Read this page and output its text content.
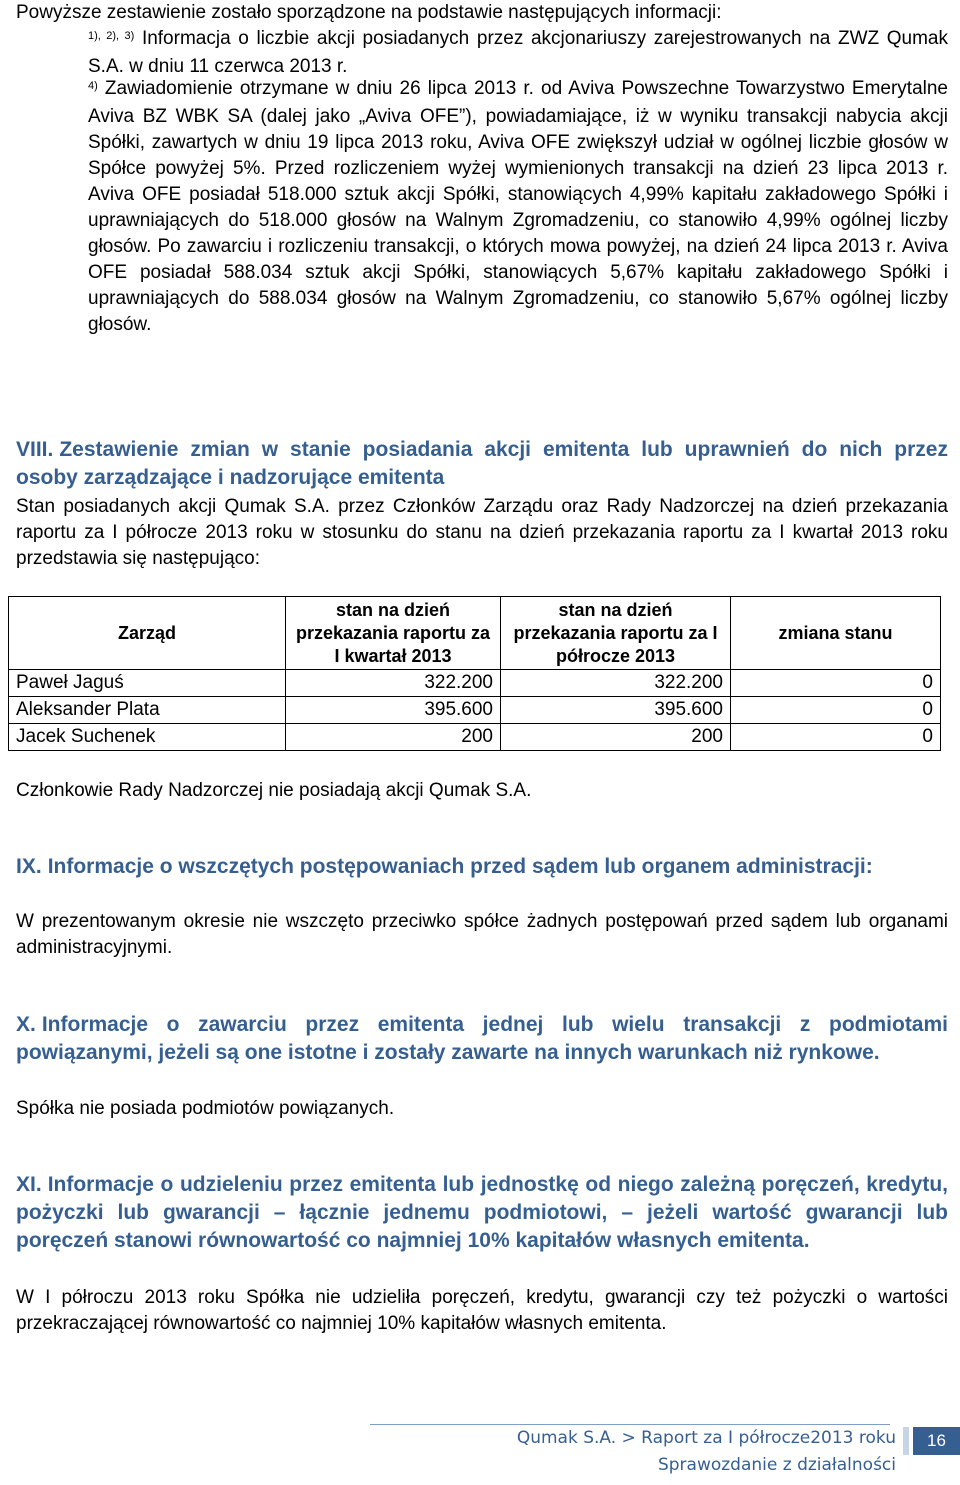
Powyższe zestawienie zostało sporządzone na podstawie następujących informacji:
$^{1), 2), 3)}$ Informacja o liczbie akcji posiadanych przez akcjonariuszy zarejestrowanych na ZWZ Qumak S.A. w dniu 11 czerwca 2013 r.
$^{4)}$ Zawiadomienie otrzymane w dniu 26 lipca 2013 r. od Aviva Powszechne Towarzystwo Emerytalne Aviva BZ WBK SA (dalej jako „Aviva OFE”), powiadamiające, iż w wyniku transakcji nabycia akcji Spółki, zawartych w dniu 19 lipca 2013 roku, Aviva OFE zwiększył udział w ogólnej liczbie głosów w Spółce powyżej 5%. Przed rozliczeniem wyżej wymienionych transakcji na dzień 23 lipca 2013 r. Aviva OFE posiadał 518.000 sztuk akcji Spółki, stanowiących 4,99% kapitału zakładowego Spółki i uprawniających do 518.000 głosów na Walnym Zgromadzeniu, co stanowiło 4,99% ogólnej liczby głosów. Po zawarciu i rozliczeniu transakcji, o których mowa powyżej, na dzień 24 lipca 2013 r. Aviva OFE posiadał 588.034 sztuk akcji Spółki, stanowiących 5,67% kapitału zakładowego Spółki i uprawniających do 588.034 głosów na Walnym Zgromadzeniu, co stanowiło 5,67% ogólnej liczby głosów.
VIII. Zestawienie zmian w stanie posiadania akcji emitenta lub uprawnień do nich przez osoby zarządzające i nadzorujące emitenta

Stan posiadanych akcji Qumak S.A. przez Członków Zarządu oraz Rady Nadzorczej na dzień przekazania raportu za I półrocze 2013 roku w stosunku do stanu na dzień przekazania raportu za I kwartał 2013 roku przedstawia się następująco:

Zarząd	stan na dzień przekazania raportu za I kwartał 2013	stan na dzień przekazania raportu za I półrocze 2013	zmiana stanu
Paweł Jaguś	322.200	322.200	0
Aleksander Plata	395.600	395.600	0
Jacek Suchenek	200	200	0

Członkowie Rady Nadzorczej nie posiadają akcji Qumak S.A.

IX. Informacje o wszczętych postępowaniach przed sądem lub organem administracji:

W prezentowanym okresie nie wszczęto przeciwko spółce żadnych postępowań przed sądem lub organami administracyjnymi.

X. Informacje o zawarciu przez emitenta jednej lub wielu transakcji z podmiotami powiązanymi, jeżeli są one istotne i zostały zawarte na innych warunkach niż rynkowe.

Spółka nie posiada podmiotów powiązanych.

XI. Informacje o udzieleniu przez emitenta lub jednostkę od niego zależną poręczeń, kredytu, pożyczki lub gwarancji – łącznie jednemu podmiotowi, – jeżeli wartość gwarancji lub poręczeń stanowi równowartość co najmniej 10% kapitałów własnych emitenta.

W I półroczu 2013 roku Spółka nie udzieliła poręczeń, kredytu, gwarancji czy też pożyczki o wartości przekraczającej równowartość co najmniej 10% kapitałów własnych emitenta.

Qumak S.A. > Raport za I półrocze2013 roku
Sprawozdanie z działalności
16
